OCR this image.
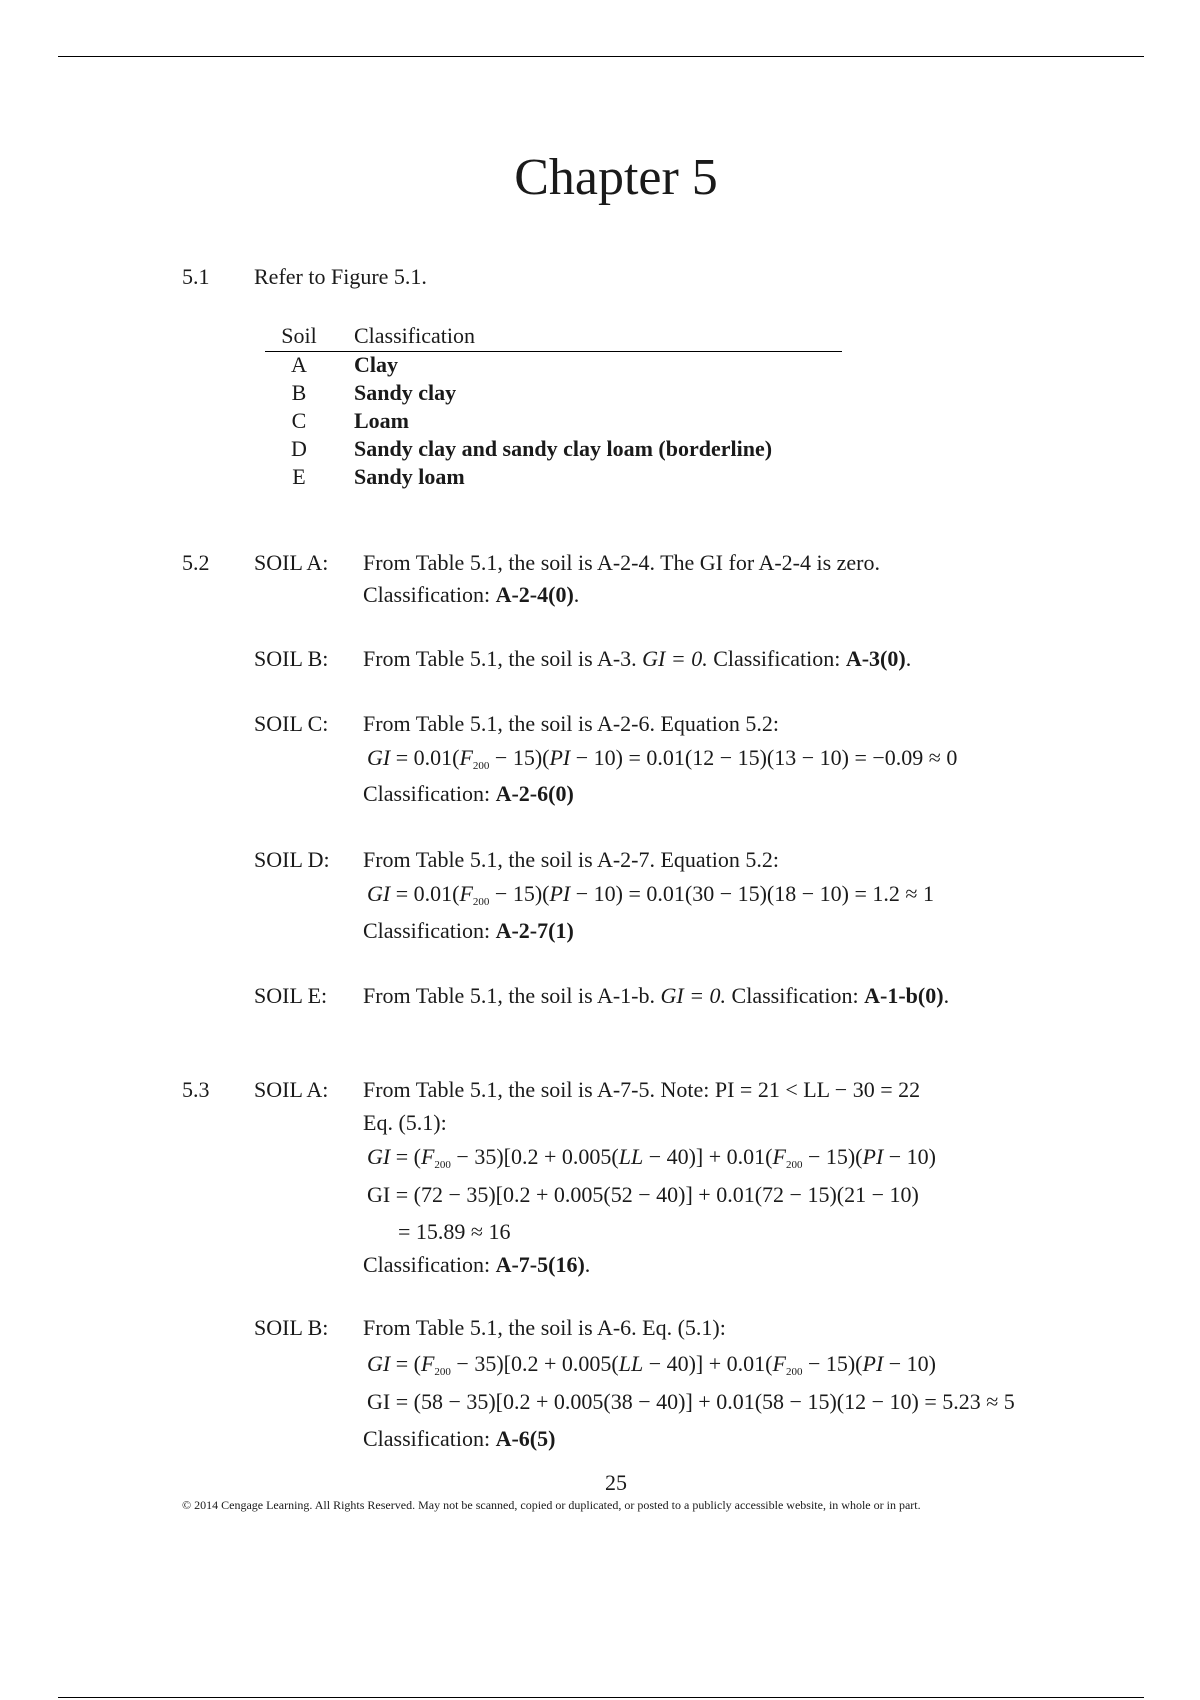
Chapter 5
5.1 Refer to Figure 5.1.
Soil	Classification
A	Clay
B	Sandy clay
C	Loam
D	Sandy clay and sandy clay loam (borderline)
E	Sandy loam
5.2 SOIL A: From Table 5.1, the soil is A-2-4. The GI for A-2-4 is zero.
Classification: A-2-4(0).
SOIL B: From Table 5.1, the soil is A-3. GI = 0. Classification: A-3(0).
SOIL C: From Table 5.1, the soil is A-2-6. Equation 5.2:
GI = $0.01(F_{200} - 15)(PI - 10) = 0.01(12 - 15)(13 - 10) = -0.09 \approx 0$
Classification: A-2-6(0)
SOIL D: From Table 5.1, the soil is A-2-7. Equation 5.2:
GI = $0.01(F_{200} - 15)(PI - 10) = 0.01(30 - 15)(18 - 10) = 1.2 \approx 1$
Classification: A-2-7(1)
SOIL E: From Table 5.1, the soil is A-1-b. GI = 0. Classification: A-1-b(0).
5.3 SOIL A: From Table 5.1, the soil is A-7-5. Note: PI = 21 < LL − 30 = 22
Eq. (5.1):
GI = $(F_{200} - 35)[0.2 + 0.005(LL - 40)] + 0.01(F_{200} - 15)(PI - 10)$
GI = (72 − 35)[0.2 + 0.005(52 − 40)] + 0.01(72 − 15)(21 − 10)
= 15.89 ≈ 16
Classification: A-7-5(16).
SOIL B: From Table 5.1, the soil is A-6. Eq. (5.1):
GI = $(F_{200} - 35)[0.2 + 0.005(LL - 40)] + 0.01(F_{200} - 15)(PI - 10)$
GI = (58 − 35)[0.2 + 0.005(38 − 40)] + 0.01(58 − 15)(12 − 10) = 5.23 ≈ 5
Classification: A-6(5)
25
© 2014 Cengage Learning. All Rights Reserved. May not be scanned, copied or duplicated, or posted to a publicly accessible website, in whole or in part.
